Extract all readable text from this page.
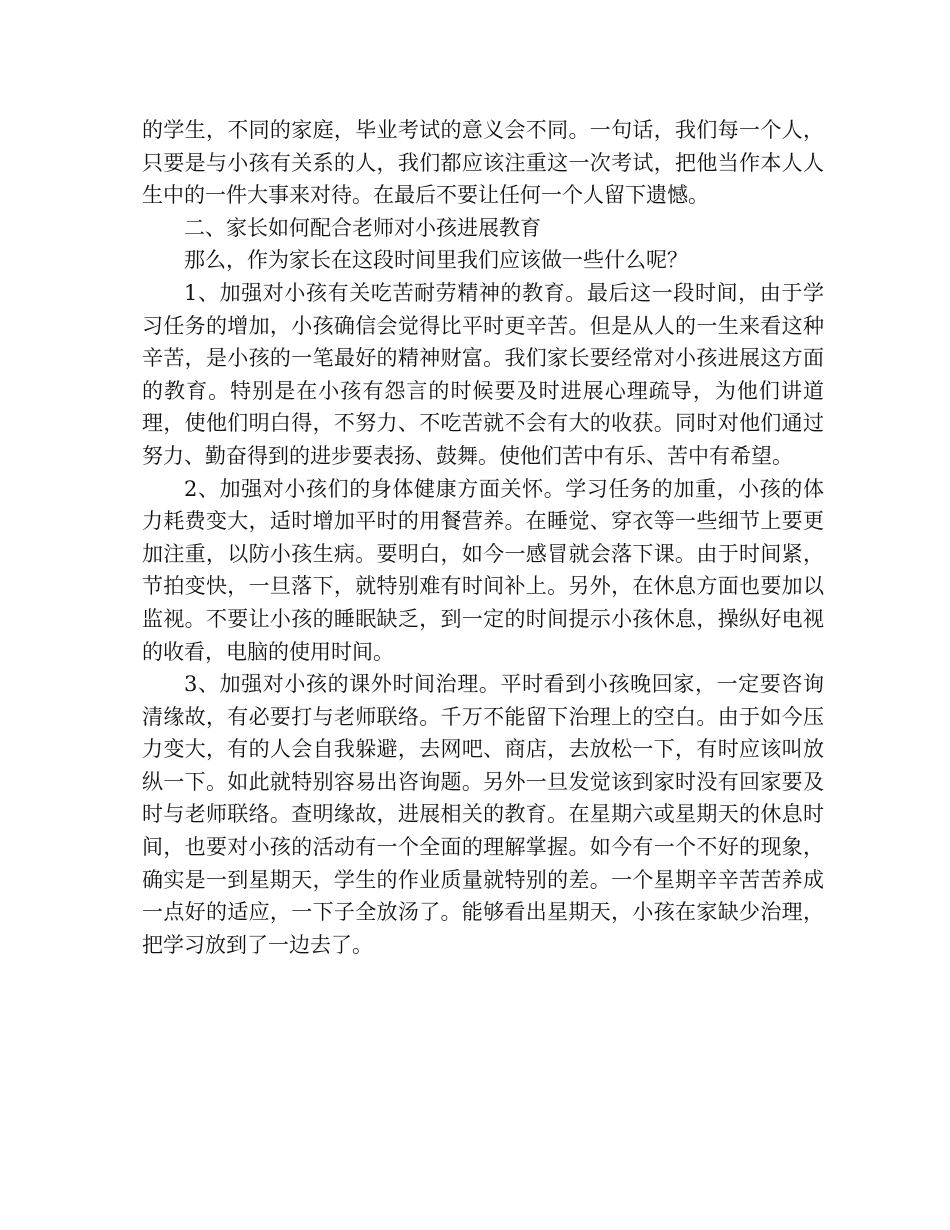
的学生，不同的家庭，毕业考试的意义会不同。一句话，我们每一个人，只要是与小孩有关系的人，我们都应该注重这一次考试，把他当作本人人生中的一件大事来对待。在最后不要让任何一个人留下遗憾。

二、家长如何配合老师对小孩进展教育

那么，作为家长在这段时间里我们应该做一些什么呢？

1、加强对小孩有关吃苦耐劳精神的教育。最后这一段时间，由于学习任务的增加，小孩确信会觉得比平时更辛苦。但是从人的一生来看这种辛苦，是小孩的一笔最好的精神财富。我们家长要经常对小孩进展这方面的教育。特别是在小孩有怨言的时候要及时进展心理疏导，为他们讲道理，使他们明白得，不努力、不吃苦就不会有大的收获。同时对他们通过努力、勤奋得到的进步要表扬、鼓舞。使他们苦中有乐、苦中有希望。

2、加强对小孩们的身体健康方面关怀。学习任务的加重，小孩的体力耗费变大，适时增加平时的用餐营养。在睡觉、穿衣等一些细节上要更加注重，以防小孩生病。要明白，如今一感冒就会落下课。由于时间紧，节拍变快，一旦落下，就特别难有时间补上。另外，在休息方面也要加以监视。不要让小孩的睡眠缺乏，到一定的时间提示小孩休息，操纵好电视的收看，电脑的使用时间。

3、加强对小孩的课外时间治理。平时看到小孩晚回家，一定要咨询清缘故，有必要打与老师联络。千万不能留下治理上的空白。由于如今压力变大，有的人会自我躲避，去网吧、商店，去放松一下，有时应该叫放纵一下。如此就特别容易出咨询题。另外一旦发觉该到家时没有回家要及时与老师联络。查明缘故，进展相关的教育。在星期六或星期天的休息时间，也要对小孩的活动有一个全面的理解掌握。如今有一个不好的现象，确实是一到星期天，学生的作业质量就特别的差。一个星期辛辛苦苦养成一点好的适应，一下子全放汤了。能够看出星期天，小孩在家缺少治理，把学习放到了一边去了。
